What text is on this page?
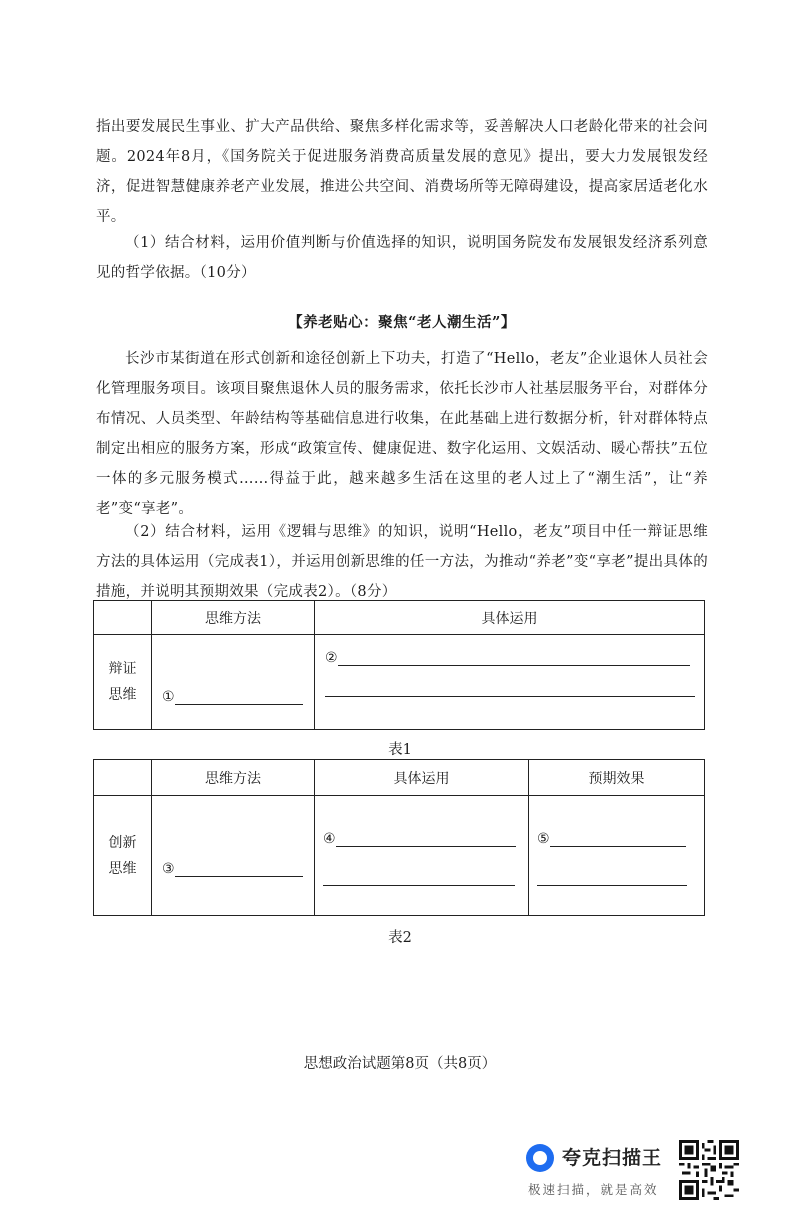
指出要发展民生事业、扩大产品供给、聚焦多样化需求等，妥善解决人口老龄化带来的社会问题。2024年8月，《国务院关于促进服务消费高质量发展的意见》提出，要大力发展银发经济，促进智慧健康养老产业发展，推进公共空间、消费场所等无障碍建设，提高家居适老化水平。

（1）结合材料，运用价值判断与价值选择的知识，说明国务院发布发展银发经济系列意见的哲学依据。（10分）

【养老贴心：聚焦“老人潮生活”】

长沙市某街道在形式创新和途径创新上下功夫，打造了“Hello，老友”企业退休人员社会化管理服务项目。该项目聚焦退休人员的服务需求，依托长沙市人社基层服务平台，对群体分布情况、人员类型、年龄结构等基础信息进行收集，在此基础上进行数据分析，针对群体特点制定出相应的服务方案，形成“政策宣传、健康促进、数字化运用、文娱活动、暖心帮扶”五位一体的多元服务模式……得益于此，越来越多生活在这里的老人过上了“潮生活”，让“养老”变“享老”。

（2）结合材料，运用《逻辑与思维》的知识，说明“Hello，老友”项目中任一辩证思维方法的具体运用（完成表1），并运用创新思维的任一方法，为推动“养老”变“享老”提出具体的措施，并说明其预期效果（完成表2）。（8分）

	思维方法	具体运用

辩证思维	①	②
表1
	思维方法	具体运用	预期效果

创新思维	③	④	⑤
表2
思想政治试题第8页（共8页）
夸克扫描王
极速扫描，就是高效
